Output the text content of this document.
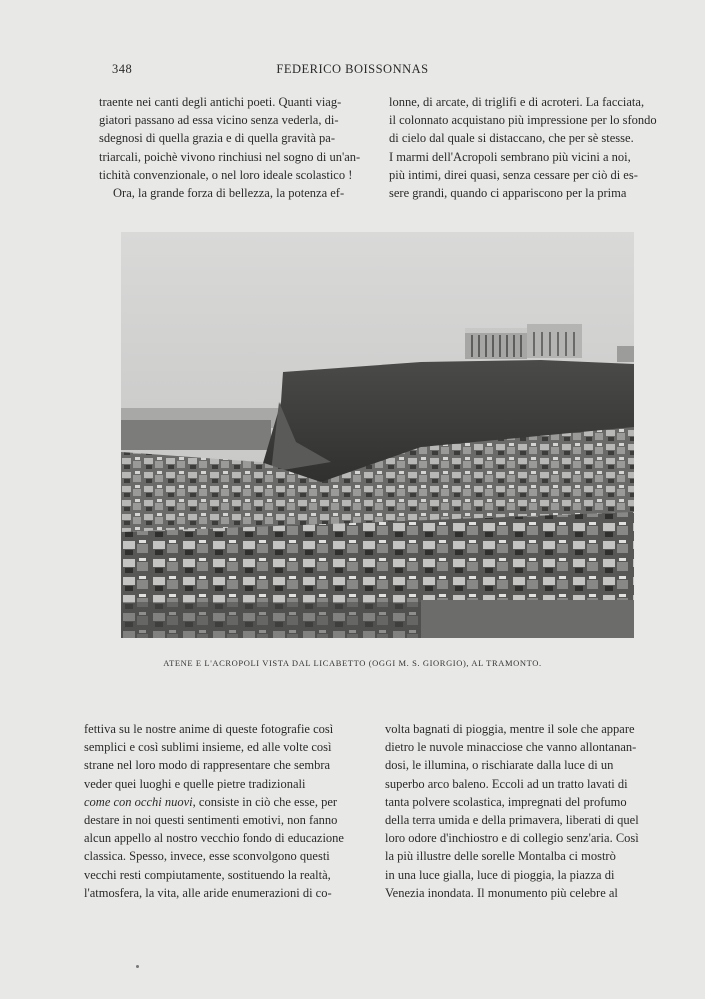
348	FEDERICO BOISSONNAS
traente nei canti degli antichi poeti. Quanti viag-
giatori passano ad essa vicino senza vederla, di-
sdegnosi di quella grazia e di quella gravità pa-
triarcali, poichè vivono rinchiusi nel sogno di un'an-
tichità convenzionale, o nel loro ideale scolastico !
Ora, la grande forza di bellezza, la potenza ef-
lonne, di arcate, di triglifi e di acroteri. La facciata,
il colonnato acquistano più impressione per lo sfondo
di cielo dal quale si distaccano, che per sè stesse.
I marmi dell'Acropoli sembrano più vicini a noi,
più intimi, direi quasi, senza cessare per ciò di es-
sere grandi, quando ci appariscono per la prima
ATENE E L'ACROPOLI VISTA DAL LICABETTO (OGGI M. S. GIORGIO), AL TRAMONTO.
fettiva su le nostre anime di queste fotografie così
semplici e così sublimi insieme, ed alle volte così
strane nel loro modo di rappresentare che sembra
veder quei luoghi e quelle pietre tradizionali
come con occhi nuovi, consiste in ciò che esse, per
destare in noi questi sentimenti emotivi, non fanno
alcun appello al nostro vecchio fondo di educazione
classica. Spesso, invece, esse sconvolgono questi
vecchi resti compiutamente, sostituendo la realtà,
l'atmosfera, la vita, alle aride enumerazioni di co-
volta bagnati di pioggia, mentre il sole che appare
dietro le nuvole minacciose che vanno allontanan-
dosi, le illumina, o rischiarate dalla luce di un
superbo arco baleno. Eccoli ad un tratto lavati di
tanta polvere scolastica, impregnati del profumo
della terra umida e della primavera, liberati di quel
loro odore d'inchiostro e di collegio senz'aria. Così
la più illustre delle sorelle Montalba ci mostrò
in una luce gialla, luce di pioggia, la piazza di
Venezia inondata. Il monumento più celebre al
